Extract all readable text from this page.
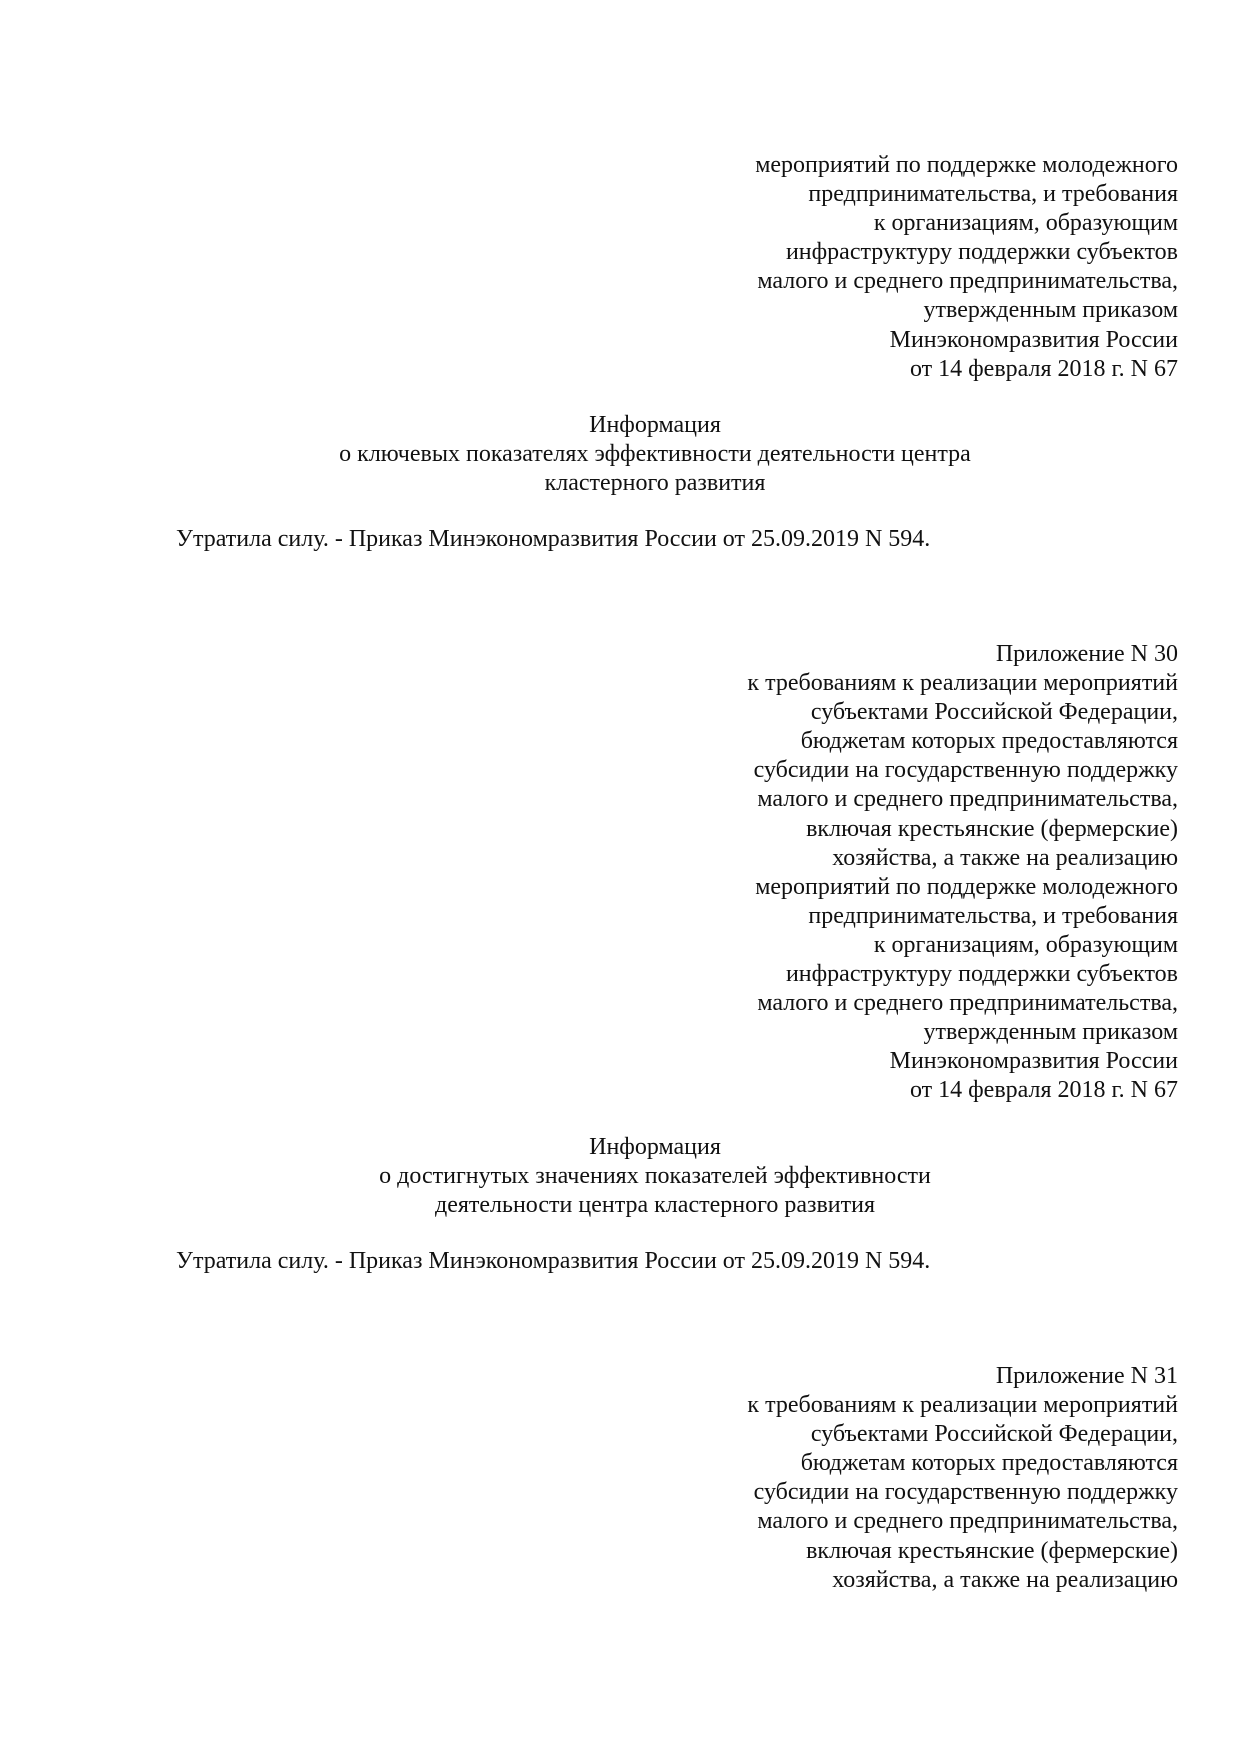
мероприятий по поддержке молодежного
предпринимательства, и требования
к организациям, образующим
инфраструктуру поддержки субъектов
малого и среднего предпринимательства,
утвержденным приказом
Минэкономразвития России
от 14 февраля 2018 г. N 67
Информация
о ключевых показателях эффективности деятельности центра
кластерного развития
Утратила силу. - Приказ Минэкономразвития России от 25.09.2019 N 594.
Приложение N 30
к требованиям к реализации мероприятий
субъектами Российской Федерации,
бюджетам которых предоставляются
субсидии на государственную поддержку
малого и среднего предпринимательства,
включая крестьянские (фермерские)
хозяйства, а также на реализацию
мероприятий по поддержке молодежного
предпринимательства, и требования
к организациям, образующим
инфраструктуру поддержки субъектов
малого и среднего предпринимательства,
утвержденным приказом
Минэкономразвития России
от 14 февраля 2018 г. N 67
Информация
о достигнутых значениях показателей эффективности
деятельности центра кластерного развития
Утратила силу. - Приказ Минэкономразвития России от 25.09.2019 N 594.
Приложение N 31
к требованиям к реализации мероприятий
субъектами Российской Федерации,
бюджетам которых предоставляются
субсидии на государственную поддержку
малого и среднего предпринимательства,
включая крестьянские (фермерские)
хозяйства, а также на реализацию
